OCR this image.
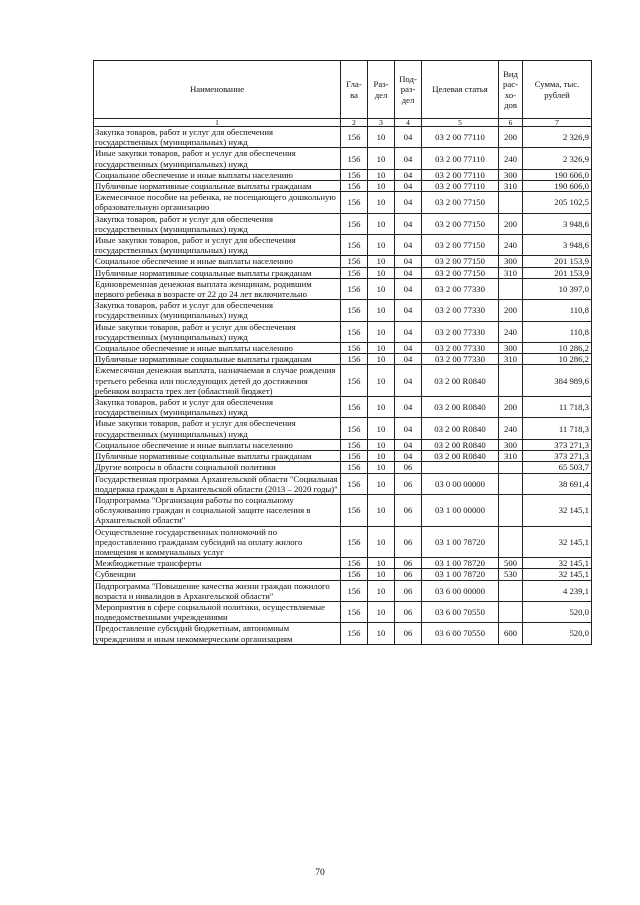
Наименование	Гла-ва	Раз-дел	Под-раз-дел	Целевая статья	Вид рас-хо-дов	Сумма, тыс. рублей
1	2	3	4	5	6	7
Закупка товаров, работ и услуг для обеспечения государственных (муниципальных) нужд	156	10	04	03 2 00 77110	200	2 326,9
Иные закупки товаров, работ и услуг для обеспечения государственных (муниципальных) нужд	156	10	04	03 2 00 77110	240	2 326,9
Социальное обеспечение и иные выплаты населению	156	10	04	03 2 00 77110	300	190 606,0
Публичные нормативные социальные выплаты гражданам	156	10	04	03 2 00 77110	310	190 606,0
Ежемесячное пособие на ребенка, не посещающего дошкольную образовательную организацию	156	10	04	03 2 00 77150		205 102,5
Закупка товаров, работ и услуг для обеспечения государственных (муниципальных) нужд	156	10	04	03 2 00 77150	200	3 948,6
Иные закупки товаров, работ и услуг для обеспечения государственных (муниципальных) нужд	156	10	04	03 2 00 77150	240	3 948,6
Социальное обеспечение и иные выплаты населению	156	10	04	03 2 00 77150	300	201 153,9
Публичные нормативные социальные выплаты гражданам	156	10	04	03 2 00 77150	310	201 153,9
Единовременная денежная выплата женщинам, родившим первого ребенка в возрасте от 22 до 24 лет включительно	156	10	04	03 2 00 77330		10 397,0
Закупка товаров, работ и услуг для обеспечения государственных (муниципальных) нужд	156	10	04	03 2 00 77330	200	110,8
Иные закупки товаров, работ и услуг для обеспечения государственных (муниципальных) нужд	156	10	04	03 2 00 77330	240	110,8
Социальное обеспечение и иные выплаты населению	156	10	04	03 2 00 77330	300	10 286,2
Публичные нормативные социальные выплаты гражданам	156	10	04	03 2 00 77330	310	10 286,2
Ежемесячная денежная выплата, назначаемая в случае рождения третьего ребенка или последующих детей до достижения ребенком возраста трех лет (областной бюджет)	156	10	04	03 2 00 R0840		384 989,6
Закупка товаров, работ и услуг для обеспечения государственных (муниципальных) нужд	156	10	04	03 2 00 R0840	200	11 718,3
Иные закупки товаров, работ и услуг для обеспечения государственных (муниципальных) нужд	156	10	04	03 2 00 R0840	240	11 718,3
Социальное обеспечение и иные выплаты населению	156	10	04	03 2 00 R0840	300	373 271,3
Публичные нормативные социальные выплаты гражданам	156	10	04	03 2 00 R0840	310	373 271,3
Другие вопросы в области социальной политики	156	10	06			65 503,7
Государственная программа Архангельской области "Социальная поддержка граждан в Архангельской области (2013 – 2020 годы)"	156	10	06	03 0 00 00000		38 691,4
Подпрограмма "Организация работы по социальному обслуживанию граждан и социальной защите населения в Архангельской области"	156	10	06	03 1 00 00000		32 145,1
Осуществление государственных полномочий по предоставлению гражданам субсидий на оплату жилого помещения и коммунальных услуг	156	10	06	03 1 00 78720		32 145,1
Межбюджетные трансферты	156	10	06	03 1 00 78720	500	32 145,1
Субвенции	156	10	06	03 1 00 78720	530	32 145,1
Подпрограмма "Повышение качества жизни граждан пожилого возраста и инвалидов в Архангельской области"	156	10	06	03 6 00 00000		4 239,1
Мероприятия в сфере социальной политики, осуществляемые подведомственными учреждениями	156	10	06	03 6 00 70550		520,0
Предоставление субсидий бюджетным, автономным учреждениям и иным некоммерческим организациям	156	10	06	03 6 00 70550	600	520,0
70
